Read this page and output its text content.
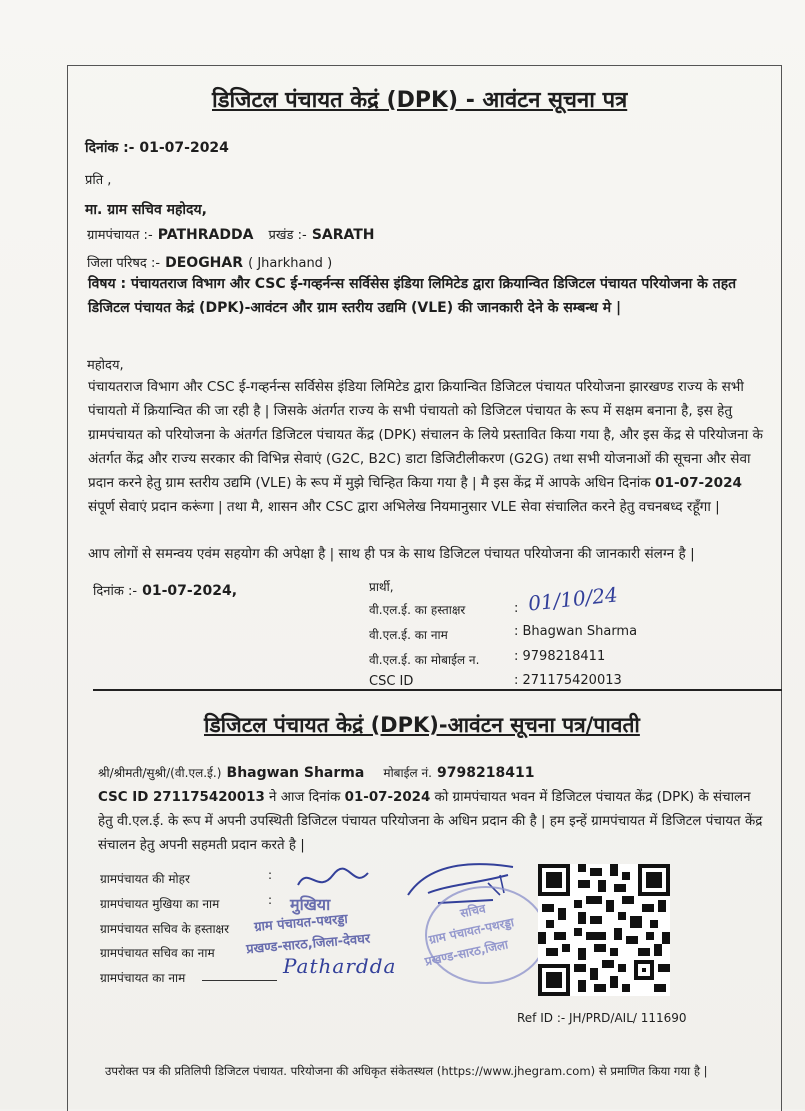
डिजिटल पंचायत केद्रं (DPK) - आवंटन सूचना पत्र
दिनांक :- 01-07-2024
प्रति ,
मा. ग्राम सचिव महोदय,
ग्रामपंचायत :- PATHRADDA प्रखंड :- SARATH
जिला परिषद :- DEOGHAR ( Jharkhand )
विषय : पंचायतराज विभाग और CSC ई-गव्हर्नन्स सर्विसेस इंडिया लिमिटेड द्वारा क्रियान्वित डिजिटल पंचायत परियोजना के तहत डिजिटल पंचायत केद्रं (DPK)-आवंटन और ग्राम स्तरीय उद्यमि (VLE) की जानकारी देने के सम्बन्ध मे |
महोदय,
पंचायतराज विभाग और CSC ई-गव्हर्नन्स सर्विसेस इंडिया लिमिटेड द्वारा क्रियान्वित डिजिटल पंचायत परियोजना झारखण्ड राज्य के सभी पंचायतो में क्रियान्वित की जा रही है | जिसके अंतर्गत राज्य के सभी पंचायतो को डिजिटल पंचायत के रूप में सक्षम बनाना है, इस हेतु ग्रामपंचायत को परियोजना के अंतर्गत डिजिटल पंचायत केंद्र (DPK) संचालन के लिये प्रस्तावित किया गया है, और इस केंद्र से परियोजना के अंतर्गत केंद्र और राज्य सरकार की विभिन्न सेवाएं (G2C, B2C) डाटा डिजिटीलीकरण (G2G) तथा सभी योजनाओं की सूचना और सेवा प्रदान करने हेतु ग्राम स्तरीय उद्यमि (VLE) के रूप में मुझे चिन्हित किया गया है | मै इस केंद्र में आपके अधिन दिनांक 01-07-2024 संपूर्ण सेवाएं प्रदान करूंगा | तथा मै, शासन और CSC द्वारा अभिलेख नियमानुसार VLE सेवा संचालित करने हेतु वचनबध्द रहूँगा |
आप लोगों से समन्वय एवंम सहयोग की अपेक्षा है | साथ ही पत्र के साथ डिजिटल पंचायत परियोजना की जानकारी संलग्न है |
दिनांक :- 01-07-2024,	प्रार्थी,
वी.एल.ई. का हस्ताक्षर	: 01/10/24
वी.एल.ई. का नाम	: Bhagwan Sharma
वी.एल.ई. का मोबाईल न.	: 9798218411
CSC ID	: 271175420013
डिजिटल पंचायत केद्रं (DPK)-आवंटन सूचना पत्र/पावती
श्री/श्रीमती/सुश्री/(वी.एल.ई.) Bhagwan Sharma मोबाईल नं. 9798218411
CSC ID 271175420013 ने आज दिनांक 01-07-2024 को ग्रामपंचायत भवन में डिजिटल पंचायत केंद्र (DPK) के संचालन हेतु वी.एल.ई. के रूप में अपनी उपस्थिती डिजिटल पंचायत परियोजना के अधिन प्रदान की है | हम इन्हें ग्रामपंचायत में डिजिटल पंचायत केंद्र संचालन हेतु अपनी सहमती प्रदान करते है |
ग्रामपंचायत की मोहर	:
ग्रामपंचायत मुखिया का नाम	:
ग्रामपंचायत सचिव के हस्ताक्षर
ग्रामपंचायत सचिव का नाम
ग्रामपंचायत का नाम
मुखिया
ग्राम पंचायत-पथरड्डा
प्रखण्ड-सारठ,जिला-देवघर
सचिव
ग्राम पंचायत-पथरड्डा
प्रखण्ड-सारठ,जिला
Pathardda
Ref ID :- JH/PRD/AIL/ 111690
उपरोक्त पत्र की प्रतिलिपी डिजिटल पंचायत. परियोजना की अधिकृत संकेतस्थल (https://www.jhegram.com) से प्रमाणित किया गया है |
